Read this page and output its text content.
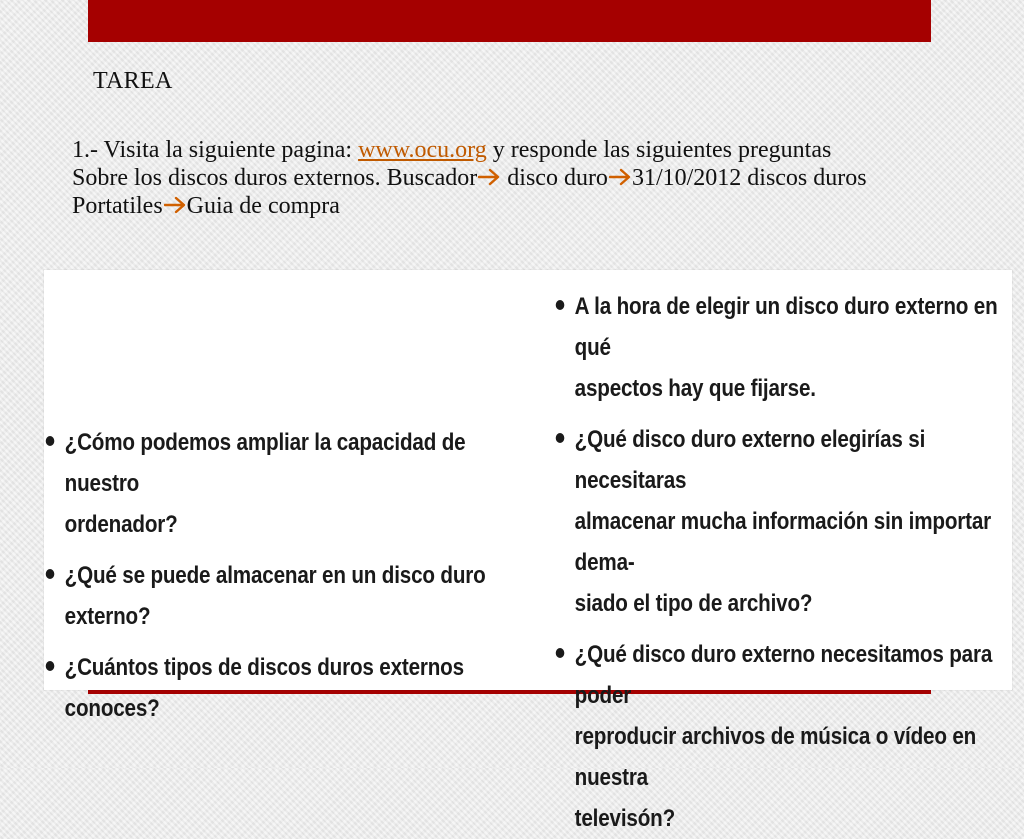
TAREA
1.- Visita la siguiente pagina: www.ocu.org y responde las siguientes preguntas
Sobre los discos duros externos. Buscador disco duro 31/10/2012 discos duros
Portatiles Guia de compra
¿Cómo podemos ampliar la capacidad de nuestro
ordenador?
¿Qué se puede almacenar en un disco duro externo?
¿Cuántos tipos de discos duros externos conoces?
A la hora de elegir un disco duro externo en qué
aspectos hay que fijarse.
¿Qué disco duro externo elegirías si necesitaras
almacenar mucha información sin importar dema-
siado el tipo de archivo?
¿Qué disco duro externo necesitamos para poder
reproducir archivos de música o vídeo en nuestra
televisón?
